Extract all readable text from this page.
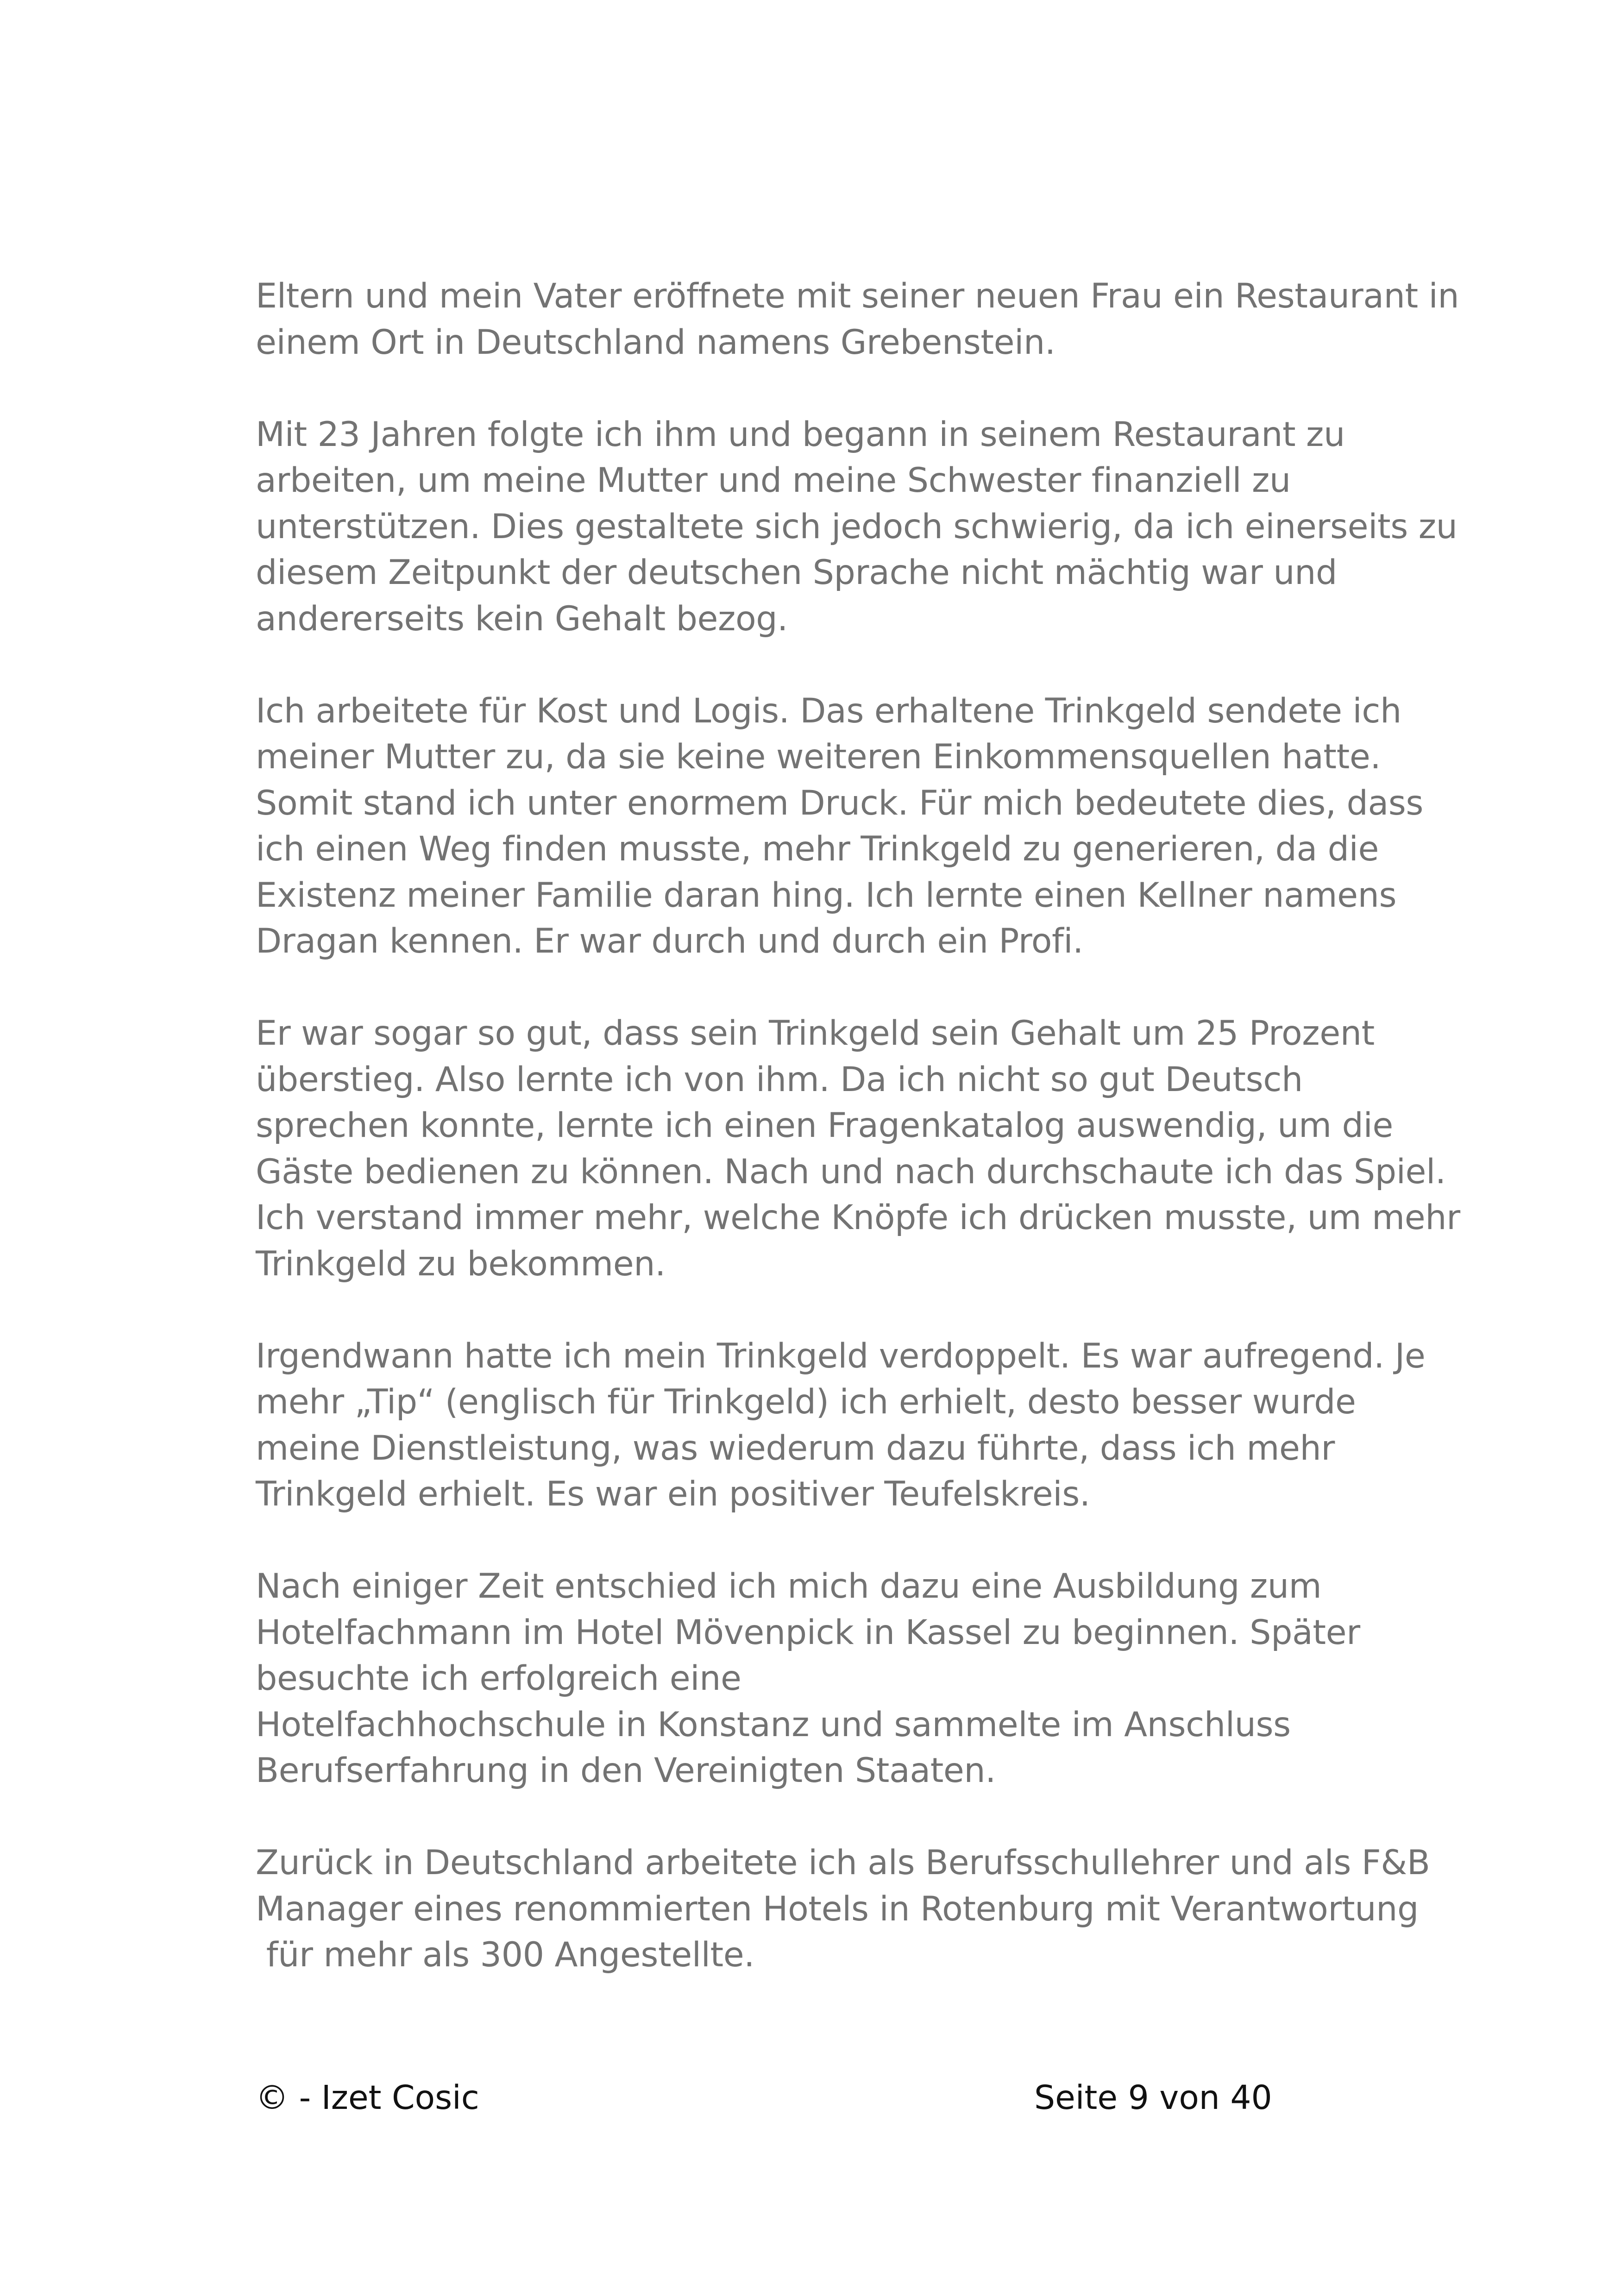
Eltern und mein Vater eröffnete mit seiner neuen Frau ein Restaurant in
einem Ort in Deutschland namens Grebenstein.

Mit 23 Jahren folgte ich ihm und begann in seinem Restaurant zu
arbeiten, um meine Mutter und meine Schwester finanziell zu
unterstützen. Dies gestaltete sich jedoch schwierig, da ich einerseits zu
diesem Zeitpunkt der deutschen Sprache nicht mächtig war und
andererseits kein Gehalt bezog.

Ich arbeitete für Kost und Logis. Das erhaltene Trinkgeld sendete ich
meiner Mutter zu, da sie keine weiteren Einkommensquellen hatte.
Somit stand ich unter enormem Druck. Für mich bedeutete dies, dass
ich einen Weg finden musste, mehr Trinkgeld zu generieren, da die
Existenz meiner Familie daran hing. Ich lernte einen Kellner namens
Dragan kennen. Er war durch und durch ein Profi.

Er war sogar so gut, dass sein Trinkgeld sein Gehalt um 25 Prozent
überstieg. Also lernte ich von ihm. Da ich nicht so gut Deutsch
sprechen konnte, lernte ich einen Fragenkatalog auswendig, um die
Gäste bedienen zu können. Nach und nach durchschaute ich das Spiel.
Ich verstand immer mehr, welche Knöpfe ich drücken musste, um mehr
Trinkgeld zu bekommen.

Irgendwann hatte ich mein Trinkgeld verdoppelt. Es war aufregend. Je
mehr „Tip“ (englisch für Trinkgeld) ich erhielt, desto besser wurde
meine Dienstleistung, was wiederum dazu führte, dass ich mehr
Trinkgeld erhielt. Es war ein positiver Teufelskreis.

Nach einiger Zeit entschied ich mich dazu eine Ausbildung zum
Hotelfachmann im Hotel Mövenpick in Kassel zu beginnen. Später
besuchte ich erfolgreich eine
Hotelfachhochschule in Konstanz und sammelte im Anschluss
Berufserfahrung in den Vereinigten Staaten.

Zurück in Deutschland arbeitete ich als Berufsschullehrer und als F&B
Manager eines renommierten Hotels in Rotenburg mit Verantwortung
für mehr als 300 Angestellte.

© - Izet Cosic	Seite 9 von 40
